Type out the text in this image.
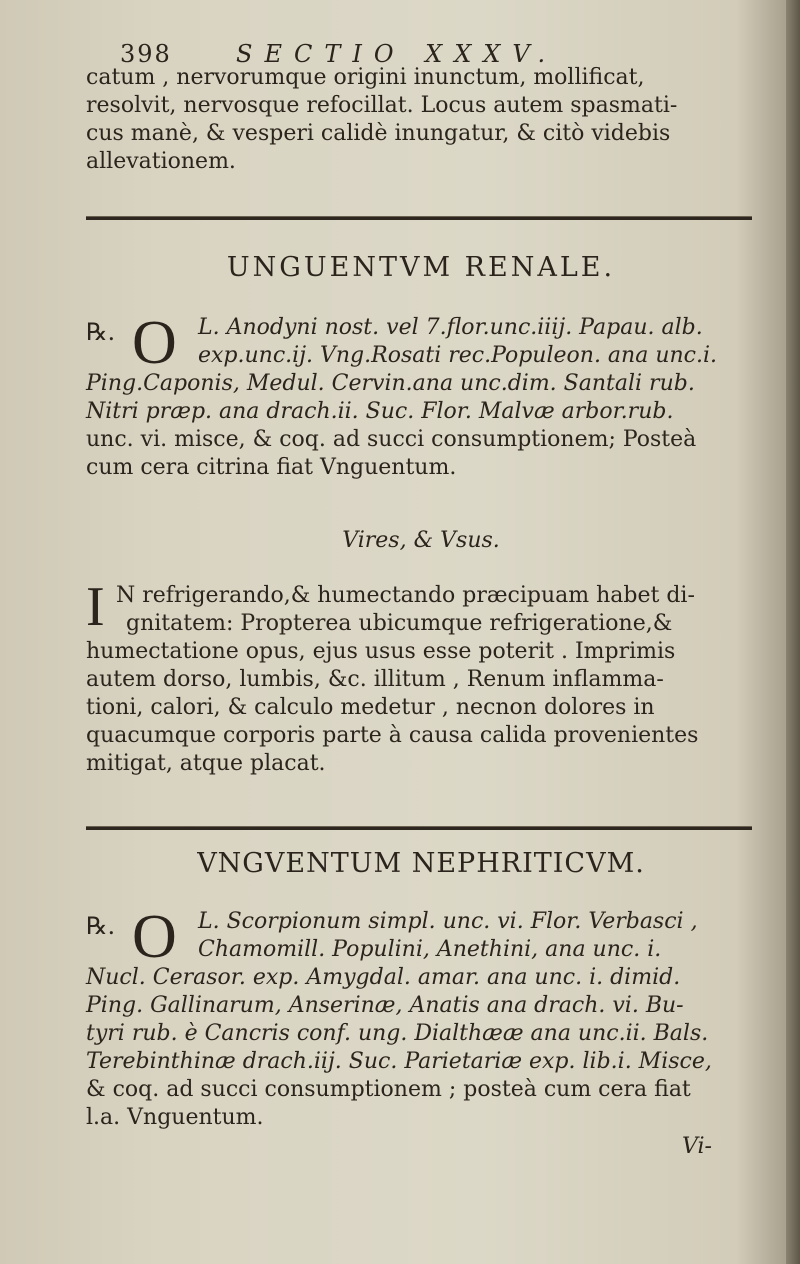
398	SECTIO XXXV.
catum , nervorumque origini inunctum, mollificat,
resolvit, nervosque refocillat. Locus autem spasmati-
cus manè, & vesperi calidè inungatur, & citò videbis
allevationem.
UNGUENTVM RENALE.
℞. O L. Anodyni nost. vel 7.flor.unc.iiij. Papau. alb.
exp.unc.ij. Vng.Rosati rec.Populeon. ana unc.i.
Ping.Caponis, Medul. Cervin.ana unc.dim. Santali rub.
Nitri præp. ana drach.ii. Suc. Flor. Malvæ arbor.rub.
unc. vi. misce, & coq. ad succi consumptionem; Posteà
cum cera citrina fiat Vnguentum.
Vires, & Vsus.
I N refrigerando,& humectando præcipuam habet di-
gnitatem: Propterea ubicumque refrigeratione,&
humectatione opus, ejus usus esse poterit . Imprimis
autem dorso, lumbis, &c. illitum , Renum inflamma-
tioni, calori, & calculo medetur , necnon dolores in
quacumque corporis parte à causa calida provenientes
mitigat, atque placat.
VNGVENTUM NEPHRITICVM.
℞. O L. Scorpionum simpl. unc. vi. Flor. Verbasci ,
Chamomill. Populini, Anethini, ana unc. i.
Nucl. Cerasor. exp. Amygdal. amar. ana unc. i. dimid.
Ping. Gallinarum, Anserinæ, Anatis ana drach. vi. Bu-
tyri rub. è Cancris conf. ung. Dialthææ ana unc.ii. Bals.
Terebinthinæ drach.iij. Suc. Parietariæ exp. lib.i. Misce,
& coq. ad succi consumptionem ; posteà cum cera fiat
l.a. Vnguentum.
Vi-
